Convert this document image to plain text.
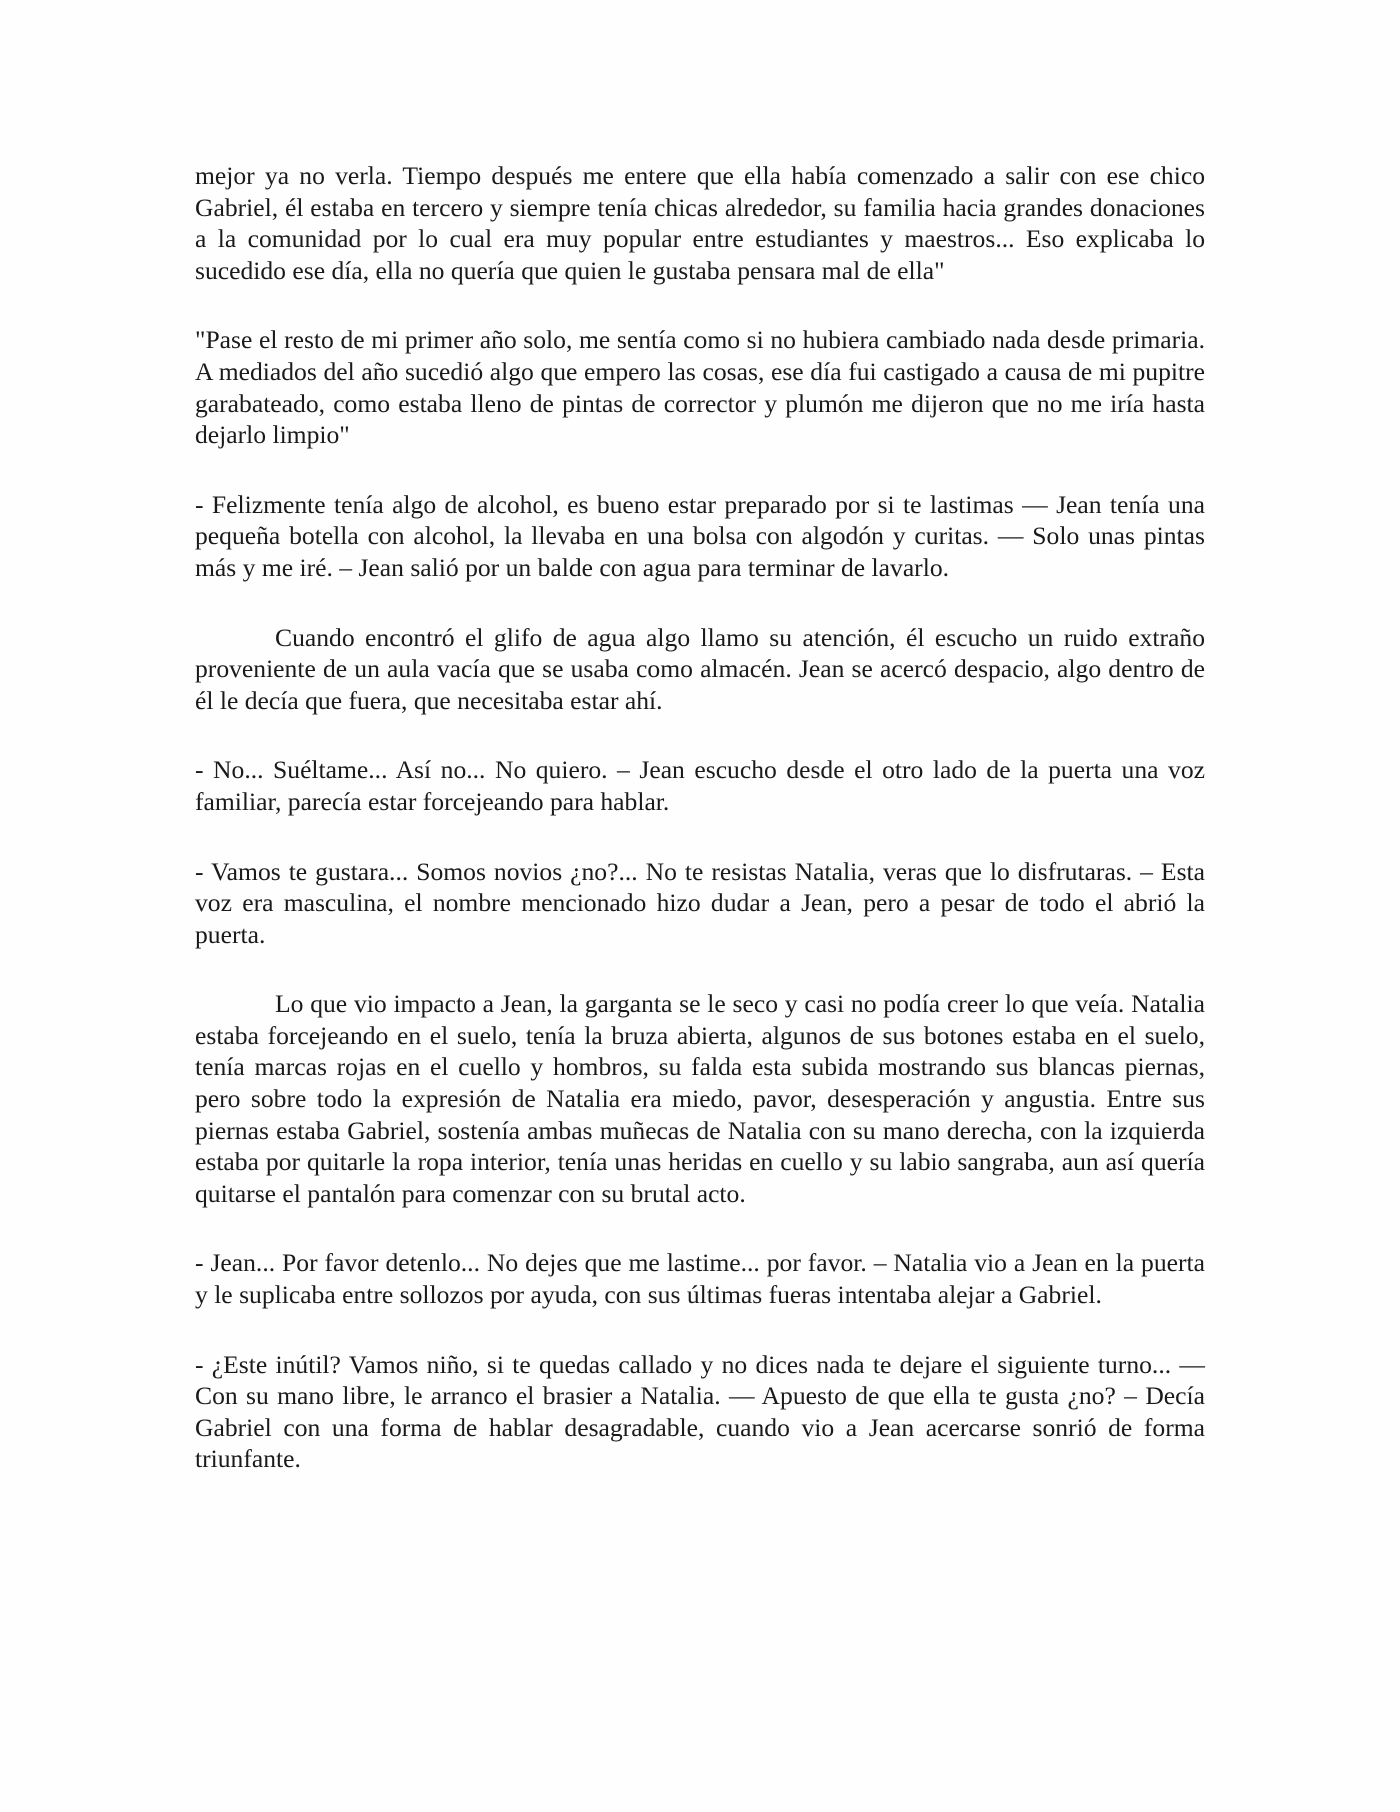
mejor ya no verla. Tiempo después me entere que ella había comenzado a salir con ese chico Gabriel, él estaba en tercero y siempre tenía chicas alrededor, su familia hacia grandes donaciones a la comunidad por lo cual era muy popular entre estudiantes y maestros... Eso explicaba lo sucedido ese día, ella no quería que quien le gustaba pensara mal de ella"

"Pase el resto de mi primer año solo, me sentía como si no hubiera cambiado nada desde primaria. A mediados del año sucedió algo que empero las cosas, ese día fui castigado a causa de mi pupitre garabateado, como estaba lleno de pintas de corrector y plumón me dijeron que no me iría hasta dejarlo limpio"

- Felizmente tenía algo de alcohol, es bueno estar preparado por si te lastimas — Jean tenía una pequeña botella con alcohol, la llevaba en una bolsa con algodón y curitas. — Solo unas pintas más y me iré. – Jean salió por un balde con agua para terminar de lavarlo.

Cuando encontró el glifo de agua algo llamo su atención, él escucho un ruido extraño proveniente de un aula vacía que se usaba como almacén. Jean se acercó despacio, algo dentro de él le decía que fuera, que necesitaba estar ahí.

- No... Suéltame... Así no... No quiero. – Jean escucho desde el otro lado de la puerta una voz familiar, parecía estar forcejeando para hablar.

- Vamos te gustara... Somos novios ¿no?... No te resistas Natalia, veras que lo disfrutaras. – Esta voz era masculina, el nombre mencionado hizo dudar a Jean, pero a pesar de todo el abrió la puerta.

Lo que vio impacto a Jean, la garganta se le seco y casi no podía creer lo que veía. Natalia estaba forcejeando en el suelo, tenía la bruza abierta, algunos de sus botones estaba en el suelo, tenía marcas rojas en el cuello y hombros, su falda esta subida mostrando sus blancas piernas, pero sobre todo la expresión de Natalia era miedo, pavor, desesperación y angustia. Entre sus piernas estaba Gabriel, sostenía ambas muñecas de Natalia con su mano derecha, con la izquierda estaba por quitarle la ropa interior, tenía unas heridas en cuello y su labio sangraba, aun así quería quitarse el pantalón para comenzar con su brutal acto.

- Jean... Por favor detenlo... No dejes que me lastime... por favor. – Natalia vio a Jean en la puerta y le suplicaba entre sollozos por ayuda, con sus últimas fueras intentaba alejar a Gabriel.

- ¿Este inútil? Vamos niño, si te quedas callado y no dices nada te dejare el siguiente turno... — Con su mano libre, le arranco el brasier a Natalia. — Apuesto de que ella te gusta ¿no? – Decía Gabriel con una forma de hablar desagradable, cuando vio a Jean acercarse sonrió de forma triunfante.
